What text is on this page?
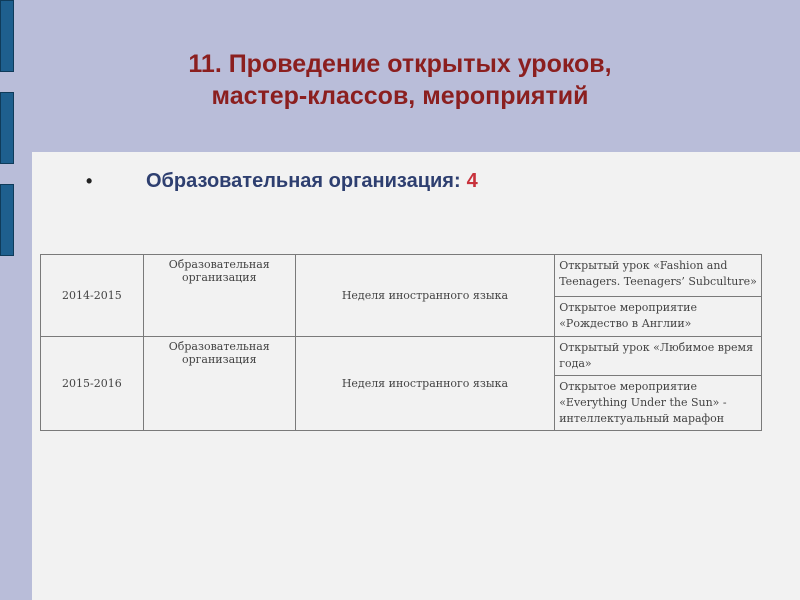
11. Проведение открытых уроков,
мастер-классов, мероприятий
•	Образовательная организация: 4
2014-2015	Образовательная организация	Неделя иностранного языка	Открытый урок «Fashion and Teenagers. Teenagers’ Subculture»
			Открытое мероприятие «Рождество в Англии»
2015-2016	Образовательная организация	Неделя иностранного языка	Открытый урок «Любимое время года»
			Открытое мероприятие «Everything Under the Sun» - интеллектуальный марафон
